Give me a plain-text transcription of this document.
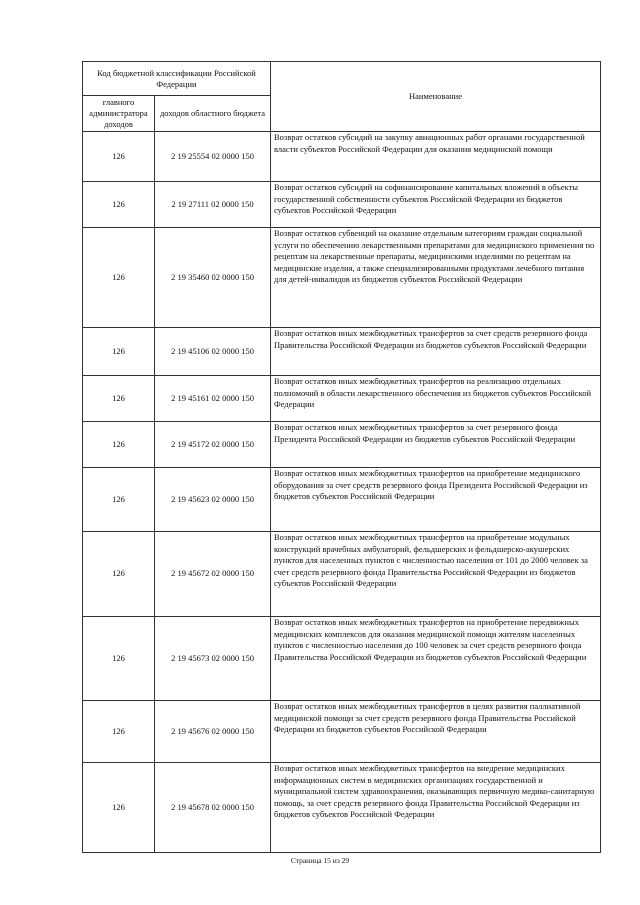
Код бюджетной классификации Российской Федерации		Наименование
главного администратора доходов	доходов областного бюджета	
126	2 19 25554 02 0000 150	Возврат остатков субсидий на закупку авиационных работ органами государственной власти субъектов Российской Федерации для оказания медицинской помощи
126	2 19 27111 02 0000 150	Возврат остатков субсидий на софинансирование капитальных вложений в объекты государственной собственности субъектов Российской Федерации из бюджетов субъектов Российской Федерации
126	2 19 35460 02 0000 150	Возврат остатков субвенций на оказание отдельным категориям граждан социальной услуги по обеспечению лекарственными препаратами для медицинского применения по рецептам на лекарственные препараты, медицинскими изделиями по рецептам на медицинские изделия, а также специализированными продуктами лечебного питания для детей-инвалидов из бюджетов субъектов Российской Федерации
126	2 19 45106 02 0000 150	Возврат остатков иных межбюджетных трансфертов за счет средств резервного фонда Правительства Российской Федерации из бюджетов субъектов Российской Федерации
126	2 19 45161 02 0000 150	Возврат остатков иных межбюджетных трансфертов на реализацию отдельных полномочий в области лекарственного обеспечения из бюджетов субъектов Российской Федерации
126	2 19 45172 02 0000 150	Возврат остатков иных межбюджетных трансфертов за счет резервного фонда Президента Российской Федерации из бюджетов субъектов Российской Федерации
126	2 19 45623 02 0000 150	Возврат остатков иных межбюджетных трансфертов на приобретение медицинского оборудования за счет средств резервного фонда Президента Российской Федерации из бюджетов субъектов Российской Федерации
126	2 19 45672 02 0000 150	Возврат остатков иных межбюджетных трансфертов на приобретение модульных конструкций врачебных амбулаторий, фельдшерских и фельдшерско-акушерских пунктов для населенных пунктов с численностью населения от 101 до 2000 человек за счет средств резервного фонда Правительства Российской Федерации из бюджетов субъектов Российской Федерации
126	2 19 45673 02 0000 150	Возврат остатков иных межбюджетных трансфертов на приобретение передвижных медицинских комплексов для оказания медицинской помощи жителям населенных пунктов с численностью населения до 100 человек за счет средств резервного фонда Правительства Российской Федерации из бюджетов субъектов Российской Федерации
126	2 19 45676 02 0000 150	Возврат остатков иных межбюджетных трансфертов в целях развития паллиативной медицинской помощи за счет средств резервного фонда Правительства Российской Федерации из бюджетов субъектов Российской Федерации
126	2 19 45678 02 0000 150	Возврат остатков иных межбюджетных трансфертов на внедрение медицинских информационных систем в медицинских организациях государственной и муниципальной систем здравоохранения, оказывающих первичную медико-санитарную помощь, за счет средств резервного фонда Правительства Российской Федерации из бюджетов субъектов Российской Федерации
Страница 15 из 29
